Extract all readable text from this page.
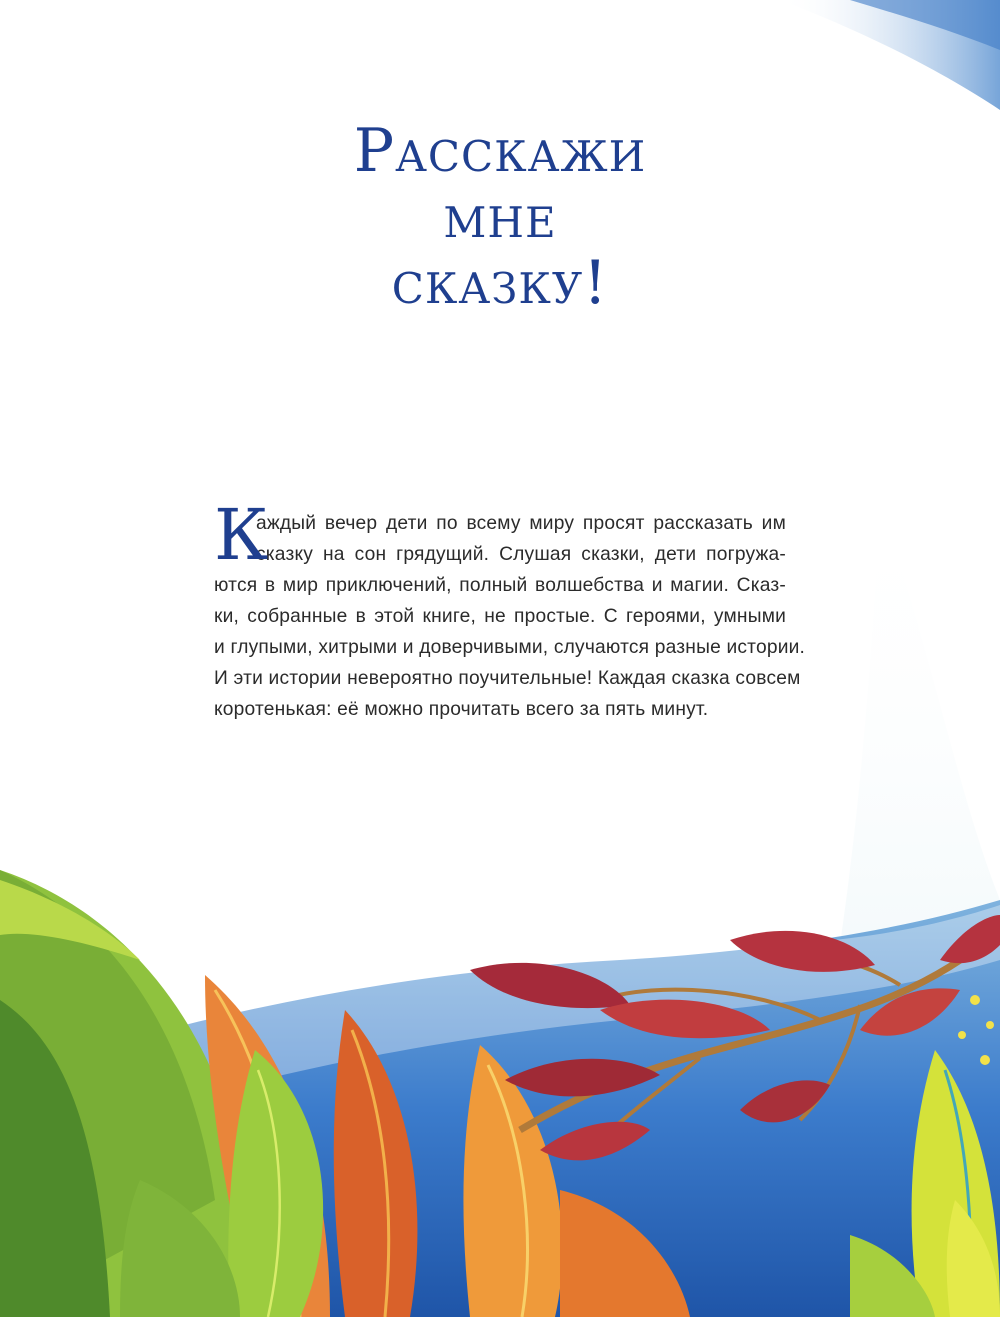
Расскажи
мне
сказку!
К
аждый вечер дети по всему миру просят рассказать им
сказку на сон грядущий. Слушая сказки, дети погружа-
ются в мир приключений, полный волшебства и магии. Сказ-
ки, собранные в этой книге, не простые. С героями, умными
и глупыми, хитрыми и доверчивыми, случаются разные истории.
И эти истории невероятно поучительные! Каждая сказка совсем
коротенькая: её можно прочитать всего за пять минут.
